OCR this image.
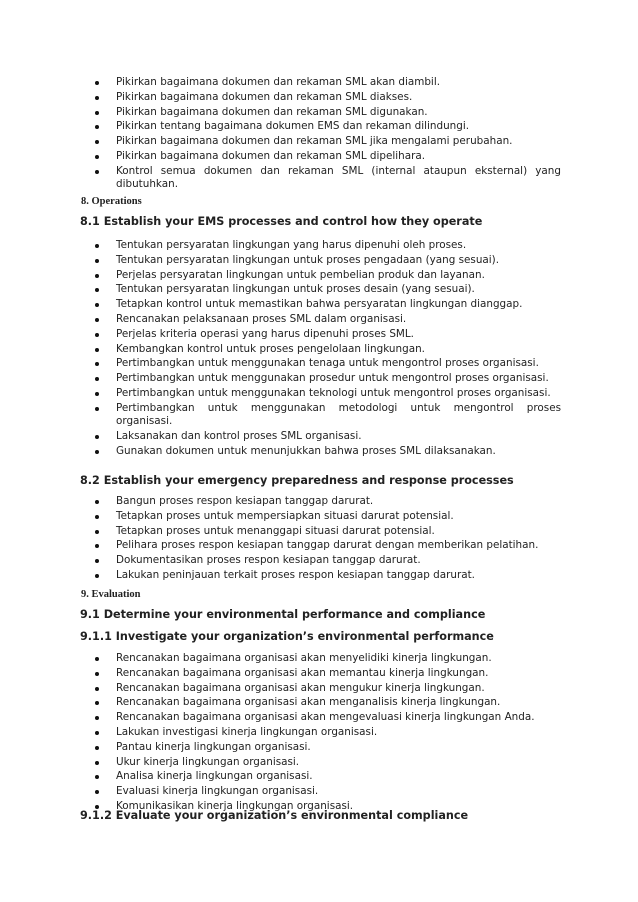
Pikirkan bagaimana dokumen dan rekaman SML akan diambil.
Pikirkan bagaimana dokumen dan rekaman SML diakses.
Pikirkan bagaimana dokumen dan rekaman SML digunakan.
Pikirkan tentang bagaimana dokumen EMS dan rekaman dilindungi.
Pikirkan bagaimana dokumen dan rekaman SML jika mengalami perubahan.
Pikirkan bagaimana dokumen dan rekaman SML dipelihara.
Kontrol semua dokumen dan rekaman SML (internal ataupun eksternal) yang dibutuhkan.
8. Operations
8.1 Establish your EMS processes and control how they operate
Tentukan persyaratan lingkungan yang harus dipenuhi oleh proses.
Tentukan persyaratan lingkungan untuk proses pengadaan (yang sesuai).
Perjelas persyaratan lingkungan untuk pembelian produk dan layanan.
Tentukan persyaratan lingkungan untuk proses desain (yang sesuai).
Tetapkan kontrol untuk memastikan bahwa persyaratan lingkungan dianggap.
Rencanakan pelaksanaan proses SML dalam organisasi.
Perjelas kriteria operasi yang harus dipenuhi proses SML.
Kembangkan kontrol untuk proses pengelolaan lingkungan.
Pertimbangkan untuk menggunakan tenaga untuk mengontrol proses organisasi.
Pertimbangkan untuk menggunakan prosedur untuk mengontrol proses organisasi.
Pertimbangkan untuk menggunakan teknologi untuk mengontrol proses organisasi.
Pertimbangkan untuk menggunakan metodologi untuk mengontrol proses organisasi.
Laksanakan dan kontrol proses SML organisasi.
Gunakan dokumen untuk menunjukkan bahwa proses SML dilaksanakan.
8.2 Establish your emergency preparedness and response processes
Bangun proses respon kesiapan tanggap darurat.
Tetapkan proses untuk mempersiapkan situasi darurat potensial.
Tetapkan proses untuk menanggapi situasi darurat potensial.
Pelihara proses respon kesiapan tanggap darurat dengan memberikan pelatihan.
Dokumentasikan proses respon kesiapan tanggap darurat.
Lakukan peninjauan terkait proses respon kesiapan tanggap darurat.
9. Evaluation
9.1 Determine your environmental performance and compliance
9.1.1 Investigate your organization’s environmental performance
Rencanakan bagaimana organisasi akan menyelidiki kinerja lingkungan.
Rencanakan bagaimana organisasi akan memantau kinerja lingkungan.
Rencanakan bagaimana organisasi akan mengukur kinerja lingkungan.
Rencanakan bagaimana organisasi akan menganalisis kinerja lingkungan.
Rencanakan bagaimana organisasi akan mengevaluasi kinerja lingkungan Anda.
Lakukan investigasi kinerja lingkungan organisasi.
Pantau kinerja lingkungan organisasi.
Ukur kinerja lingkungan organisasi.
Analisa kinerja lingkungan organisasi.
Evaluasi kinerja lingkungan organisasi.
Komunikasikan kinerja lingkungan organisasi.
9.1.2 Evaluate your organization’s environmental compliance
